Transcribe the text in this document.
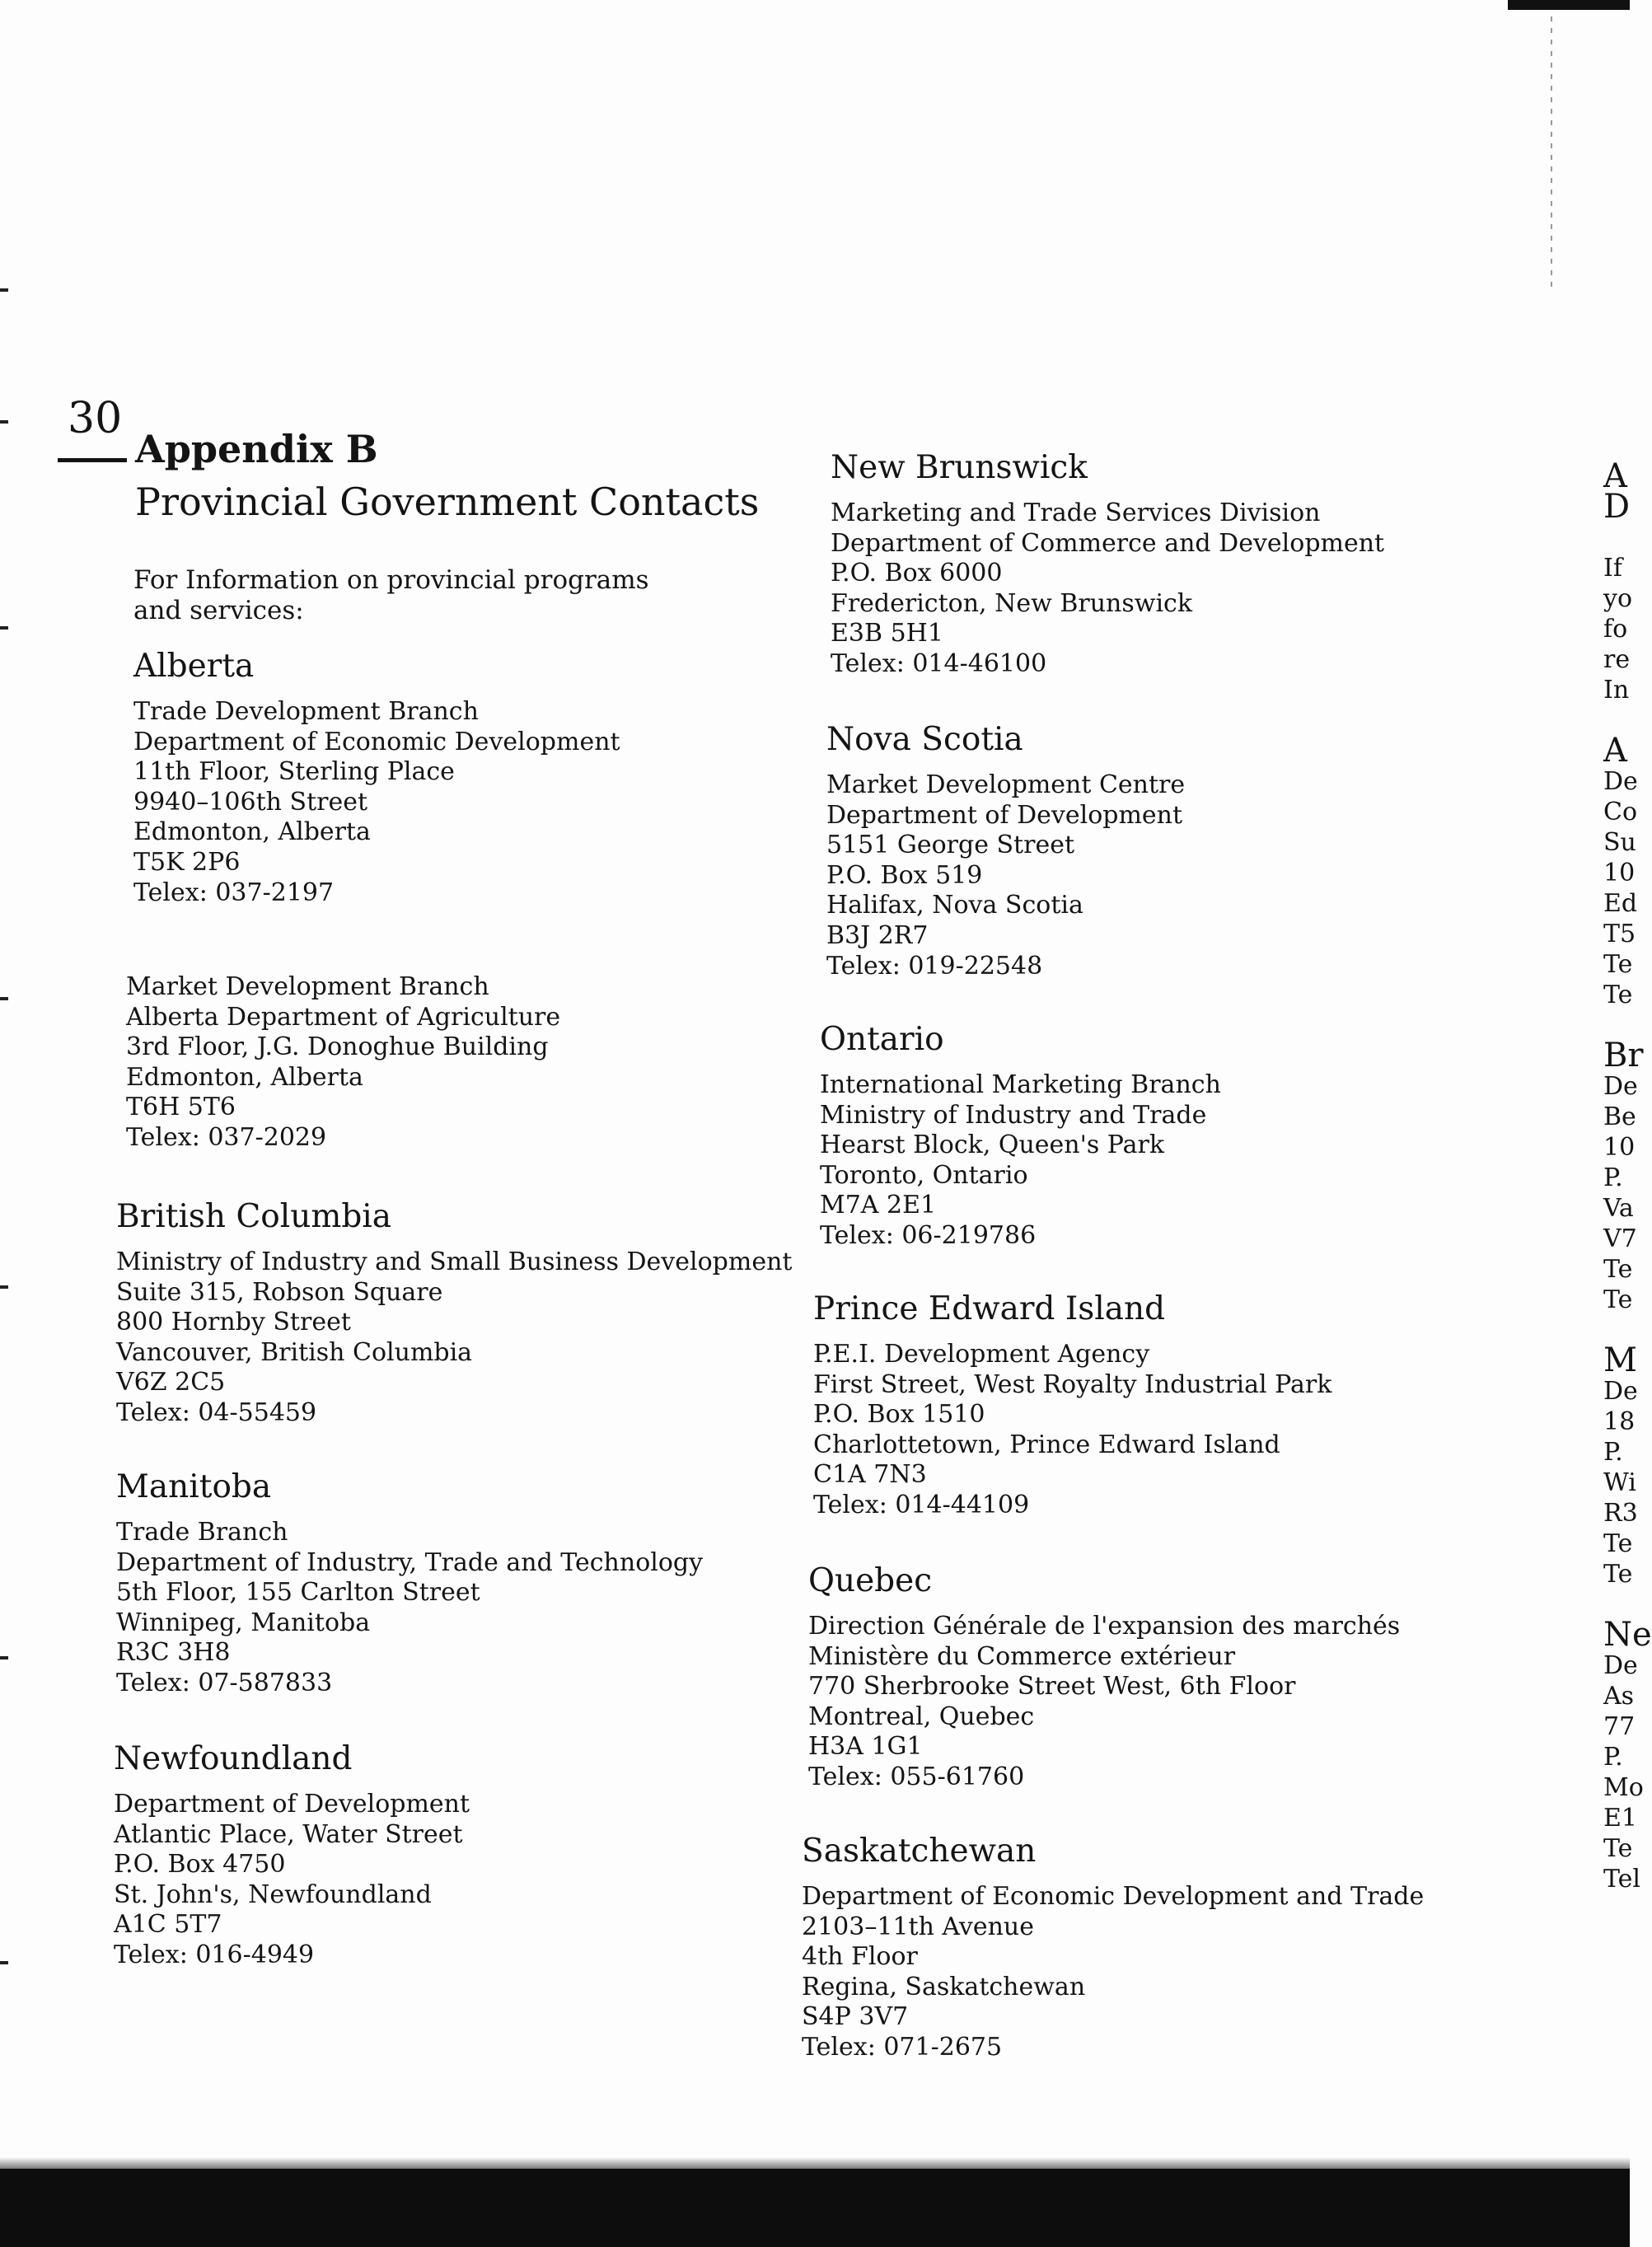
30
Appendix B
Provincial Government Contacts
For Information on provincial programs and services:
Alberta
Trade Development Branch
Department of Economic Development
11th Floor, Sterling Place
9940–106th Street
Edmonton, Alberta
T5K 2P6
Telex: 037-2197
Market Development Branch
Alberta Department of Agriculture
3rd Floor, J.G. Donoghue Building
Edmonton, Alberta
T6H 5T6
Telex: 037-2029
British Columbia
Ministry of Industry and Small Business Development
Suite 315, Robson Square
800 Hornby Street
Vancouver, British Columbia
V6Z 2C5
Telex: 04-55459
Manitoba
Trade Branch
Department of Industry, Trade and Technology
5th Floor, 155 Carlton Street
Winnipeg, Manitoba
R3C 3H8
Telex: 07-587833
Newfoundland
Department of Development
Atlantic Place, Water Street
P.O. Box 4750
St. John's, Newfoundland
A1C 5T7
Telex: 016-4949
New Brunswick
Marketing and Trade Services Division
Department of Commerce and Development
P.O. Box 6000
Fredericton, New Brunswick
E3B 5H1
Telex: 014-46100
Nova Scotia
Market Development Centre
Department of Development
5151 George Street
P.O. Box 519
Halifax, Nova Scotia
B3J 2R7
Telex: 019-22548
Ontario
International Marketing Branch
Ministry of Industry and Trade
Hearst Block, Queen's Park
Toronto, Ontario
M7A 2E1
Telex: 06-219786
Prince Edward Island
P.E.I. Development Agency
First Street, West Royalty Industrial Park
P.O. Box 1510
Charlottetown, Prince Edward Island
C1A 7N3
Telex: 014-44109
Quebec
Direction Générale de l'expansion des marchés
Ministère du Commerce extérieur
770 Sherbrooke Street West, 6th Floor
Montreal, Quebec
H3A 1G1
Telex: 055-61760
Saskatchewan
Department of Economic Development and Trade
2103–11th Avenue
4th Floor
Regina, Saskatchewan
S4P 3V7
Telex: 071-2675
A
D
If
yo
fo
re
In
A
De
Co
Su
10
Ed
T5
Te
Te
Br
De
Be
10
P.
Va
V7
Te
Te
M
De
18
P.
Wi
R3
Te
Te
Ne
De
As
77
P.
Mo
E1
Te
Tel
